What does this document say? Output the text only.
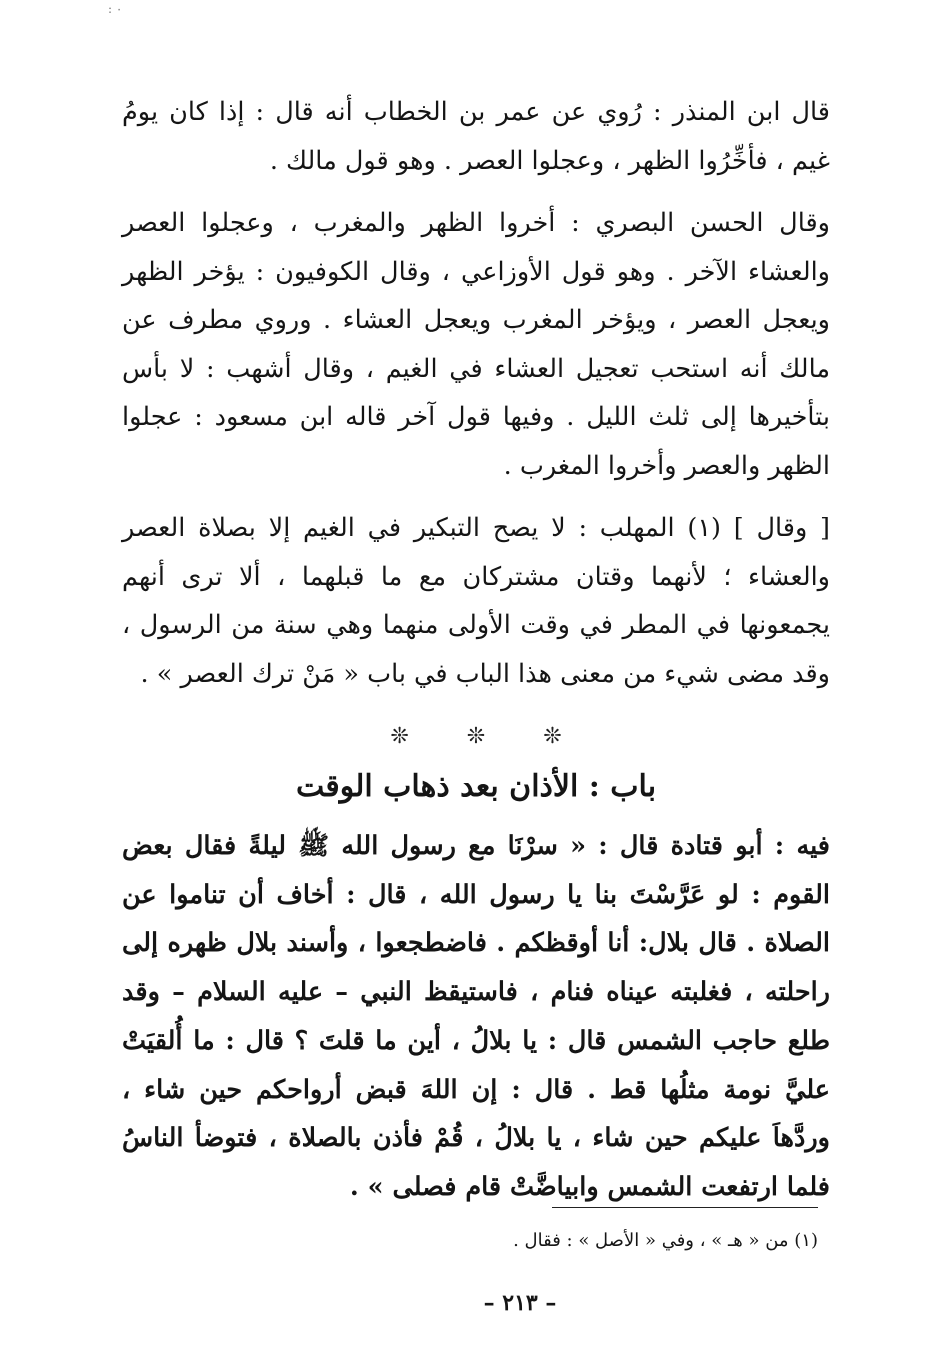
: ٠

قال ابن المنذر : رُوي عن عمر بن الخطاب أنه قال : إذا كان يومُ غيم ، فأخِّرُوا الظهر ، وعجلوا العصر . وهو قول مالك .

وقال الحسن البصري : أخروا الظهر والمغرب ، وعجلوا العصر والعشاء الآخر . وهو قول الأوزاعي ، وقال الكوفيون : يؤخر الظهر ويعجل العصر ، ويؤخر المغرب ويعجل العشاء . وروي مطرف عن مالك أنه استحب تعجيل العشاء في الغيم ، وقال أشهب : لا بأس بتأخيرها إلى ثلث الليل . وفيها قول آخر قاله ابن مسعود : عجلوا الظهر والعصر وأخروا المغرب .

[ وقال ] (١) المهلب : لا يصح التبكير في الغيم إلا بصلاة العصر والعشاء ؛ لأنهما وقتان مشتركان مع ما قبلهما ، ألا ترى أنهم يجمعونها في المطر في وقت الأولى منهما وهي سنة من الرسول ، وقد مضى شيء من معنى هذا الباب في باب « مَنْ ترك العصر » .

❊	❊	❊
باب : الأذان بعد ذهاب الوقت

فيه : أبو قتادة قال : « سرْنَا مع رسول الله ﷺ ليلةً فقال بعض القوم : لو عَرَّسْتَ بنا يا رسول الله ، قال : أخاف أن تناموا عن الصلاة . قال بلال: أنا أوقظكم . فاضطجعوا ، وأسند بلال ظهره إلى راحلته ، فغلبته عيناه فنام ، فاستيقظ النبي – عليه السلام – وقد طلع حاجب الشمس قال : يا بلالُ ، أين ما قلتَ ؟ قال : ما أُلقيَتْ عليَّ نومة مثلُها قط . قال : إن اللهَ قبض أرواحكم حين شاء ، وردَّهاَ عليكم حين شاء ، يا بلالُ ، قُمْ فأذن بالصلاة ، فتوضأ الناسُ فلما ارتفعت الشمس وابياضَّتْ قام فصلى » .

(١) من « هـ » ، وفي « الأصل » : فقال .

– ٢١٣ –
